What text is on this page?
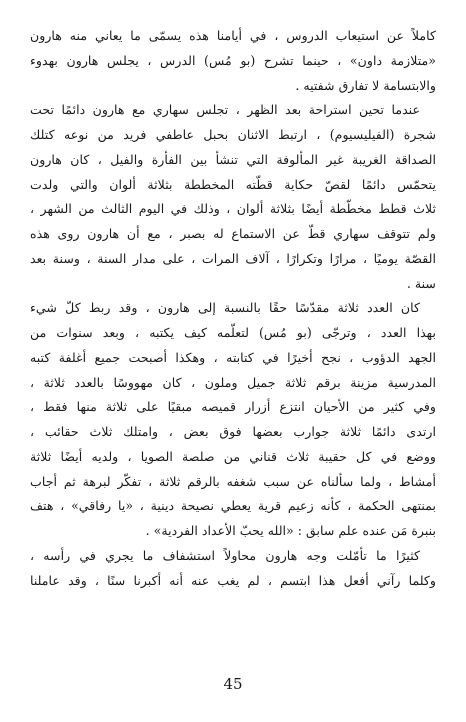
كاملاً عن استيعاب الدروس ، في أيامنا هذه يسمّى ما يعاني منه هارون
«متلازمة داون» ، حينما تشرح (بو مُس) الدرس ، يجلس هارون بهدوء
والابتسامة لا تفارق شفتيه .
عندما تحين استراحة بعد الظهر ، تجلس سهاري مع هارون دائمًا تحت
شجرة (الفيليسيوم) ، ارتبط الاثنان بحبل عاطفي فريد من نوعه كتلك
الصداقة الغريبة غير المألوفة التي تنشأ بين الفأرة والفيل ، كان هارون
يتحمّس دائمًا لقصّ حكاية قطّته المخططة بثلاثة ألوان والتي ولدت
ثلاث قطط مخطّطة أيضًا بثلاثة ألوان ، وذلك في اليوم الثالث من الشهر ،
ولم تتوقف سهاري قطّ عن الاستماع له بصبر ، مع أن هارون روى هذه
القصّة يوميًا ، مرارًا وتكرارًا ، آلاف المرات ، على مدار السنة ، وسنة بعد
سنة .
كان العدد ثلاثة مقدّسًا حقًا بالنسبة إلى هارون ، وقد ربط كلّ شيء
بهذا العدد ، وترجّى (بو مُس) لتعلّمه كيف يكتبه ، وبعد سنوات من
الجهد الدؤوب ، نجح أخيرًا في كتابته ، وهكذا أصبحت جميع أغلفة كتبه
المدرسية مزينة برقم ثلاثة جميل وملون ، كان مهووسًا بالعدد ثلاثة ،
وفي كثير من الأحيان انتزع أزرار قميصه مبقيًا على ثلاثة منها فقط ،
ارتدى دائمًا ثلاثة جوارب بعضها فوق بعض ، وامتلك ثلاث حقائب ،
ووضع في كل حقيبة ثلاث قناني من صلصة الصويا ، ولديه أيضًا ثلاثة
أمشاط ، ولما سألناه عن سبب شغفه بالرقم ثلاثة ، تفكّر لبرهة ثم أجاب
بمنتهى الحكمة ، كأنه زعيم قرية يعطي نصيحة دينية ، «يا رفاقي» ، هتف
بنبرة مَن عنده علم سابق : «الله يحبّ الأعداد الفردية» .
كثيرًا ما تأمّلت وجه هارون محاولاً استشفاف ما يجري في رأسه ،
وكلما رآني أفعل هذا ابتسم ، لم يغب عنه أنه أكبرنا سنًا ، وقد عاملنا
45
